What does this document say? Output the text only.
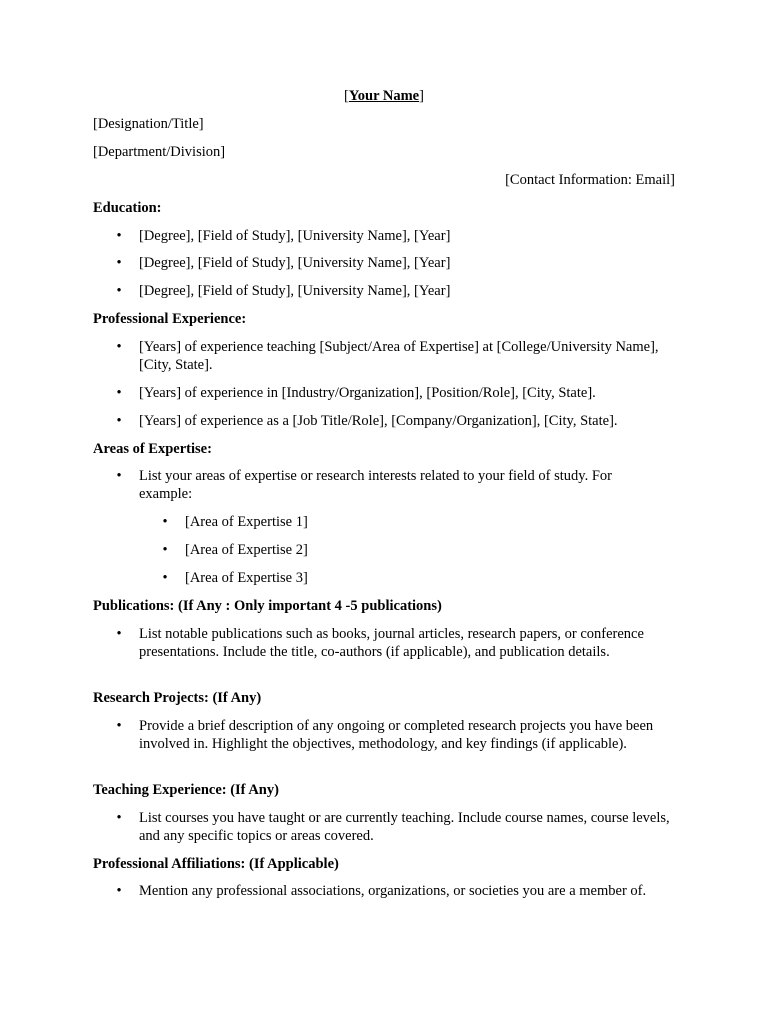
[Your Name]
[Designation/Title]
[Department/Division]
[Contact Information: Email]
Education:
• [Degree], [Field of Study], [University Name], [Year]
• [Degree], [Field of Study], [University Name], [Year]
• [Degree], [Field of Study], [University Name], [Year]
Professional Experience:
• [Years] of experience teaching [Subject/Area of Expertise] at [College/University Name], [City, State].
• [Years] of experience in [Industry/Organization], [Position/Role], [City, State].
• [Years] of experience as a [Job Title/Role], [Company/Organization], [City, State].
Areas of Expertise:
• List your areas of expertise or research interests related to your field of study. For example:
• [Area of Expertise 1]
• [Area of Expertise 2]
• [Area of Expertise 3]
Publications: (If Any : Only important 4 -5 publications)
• List notable publications such as books, journal articles, research papers, or conference presentations. Include the title, co-authors (if applicable), and publication details.
Research Projects: (If Any)
• Provide a brief description of any ongoing or completed research projects you have been involved in. Highlight the objectives, methodology, and key findings (if applicable).
Teaching Experience: (If Any)
• List courses you have taught or are currently teaching. Include course names, course levels, and any specific topics or areas covered.
Professional Affiliations: (If Applicable)
• Mention any professional associations, organizations, or societies you are a member of.
